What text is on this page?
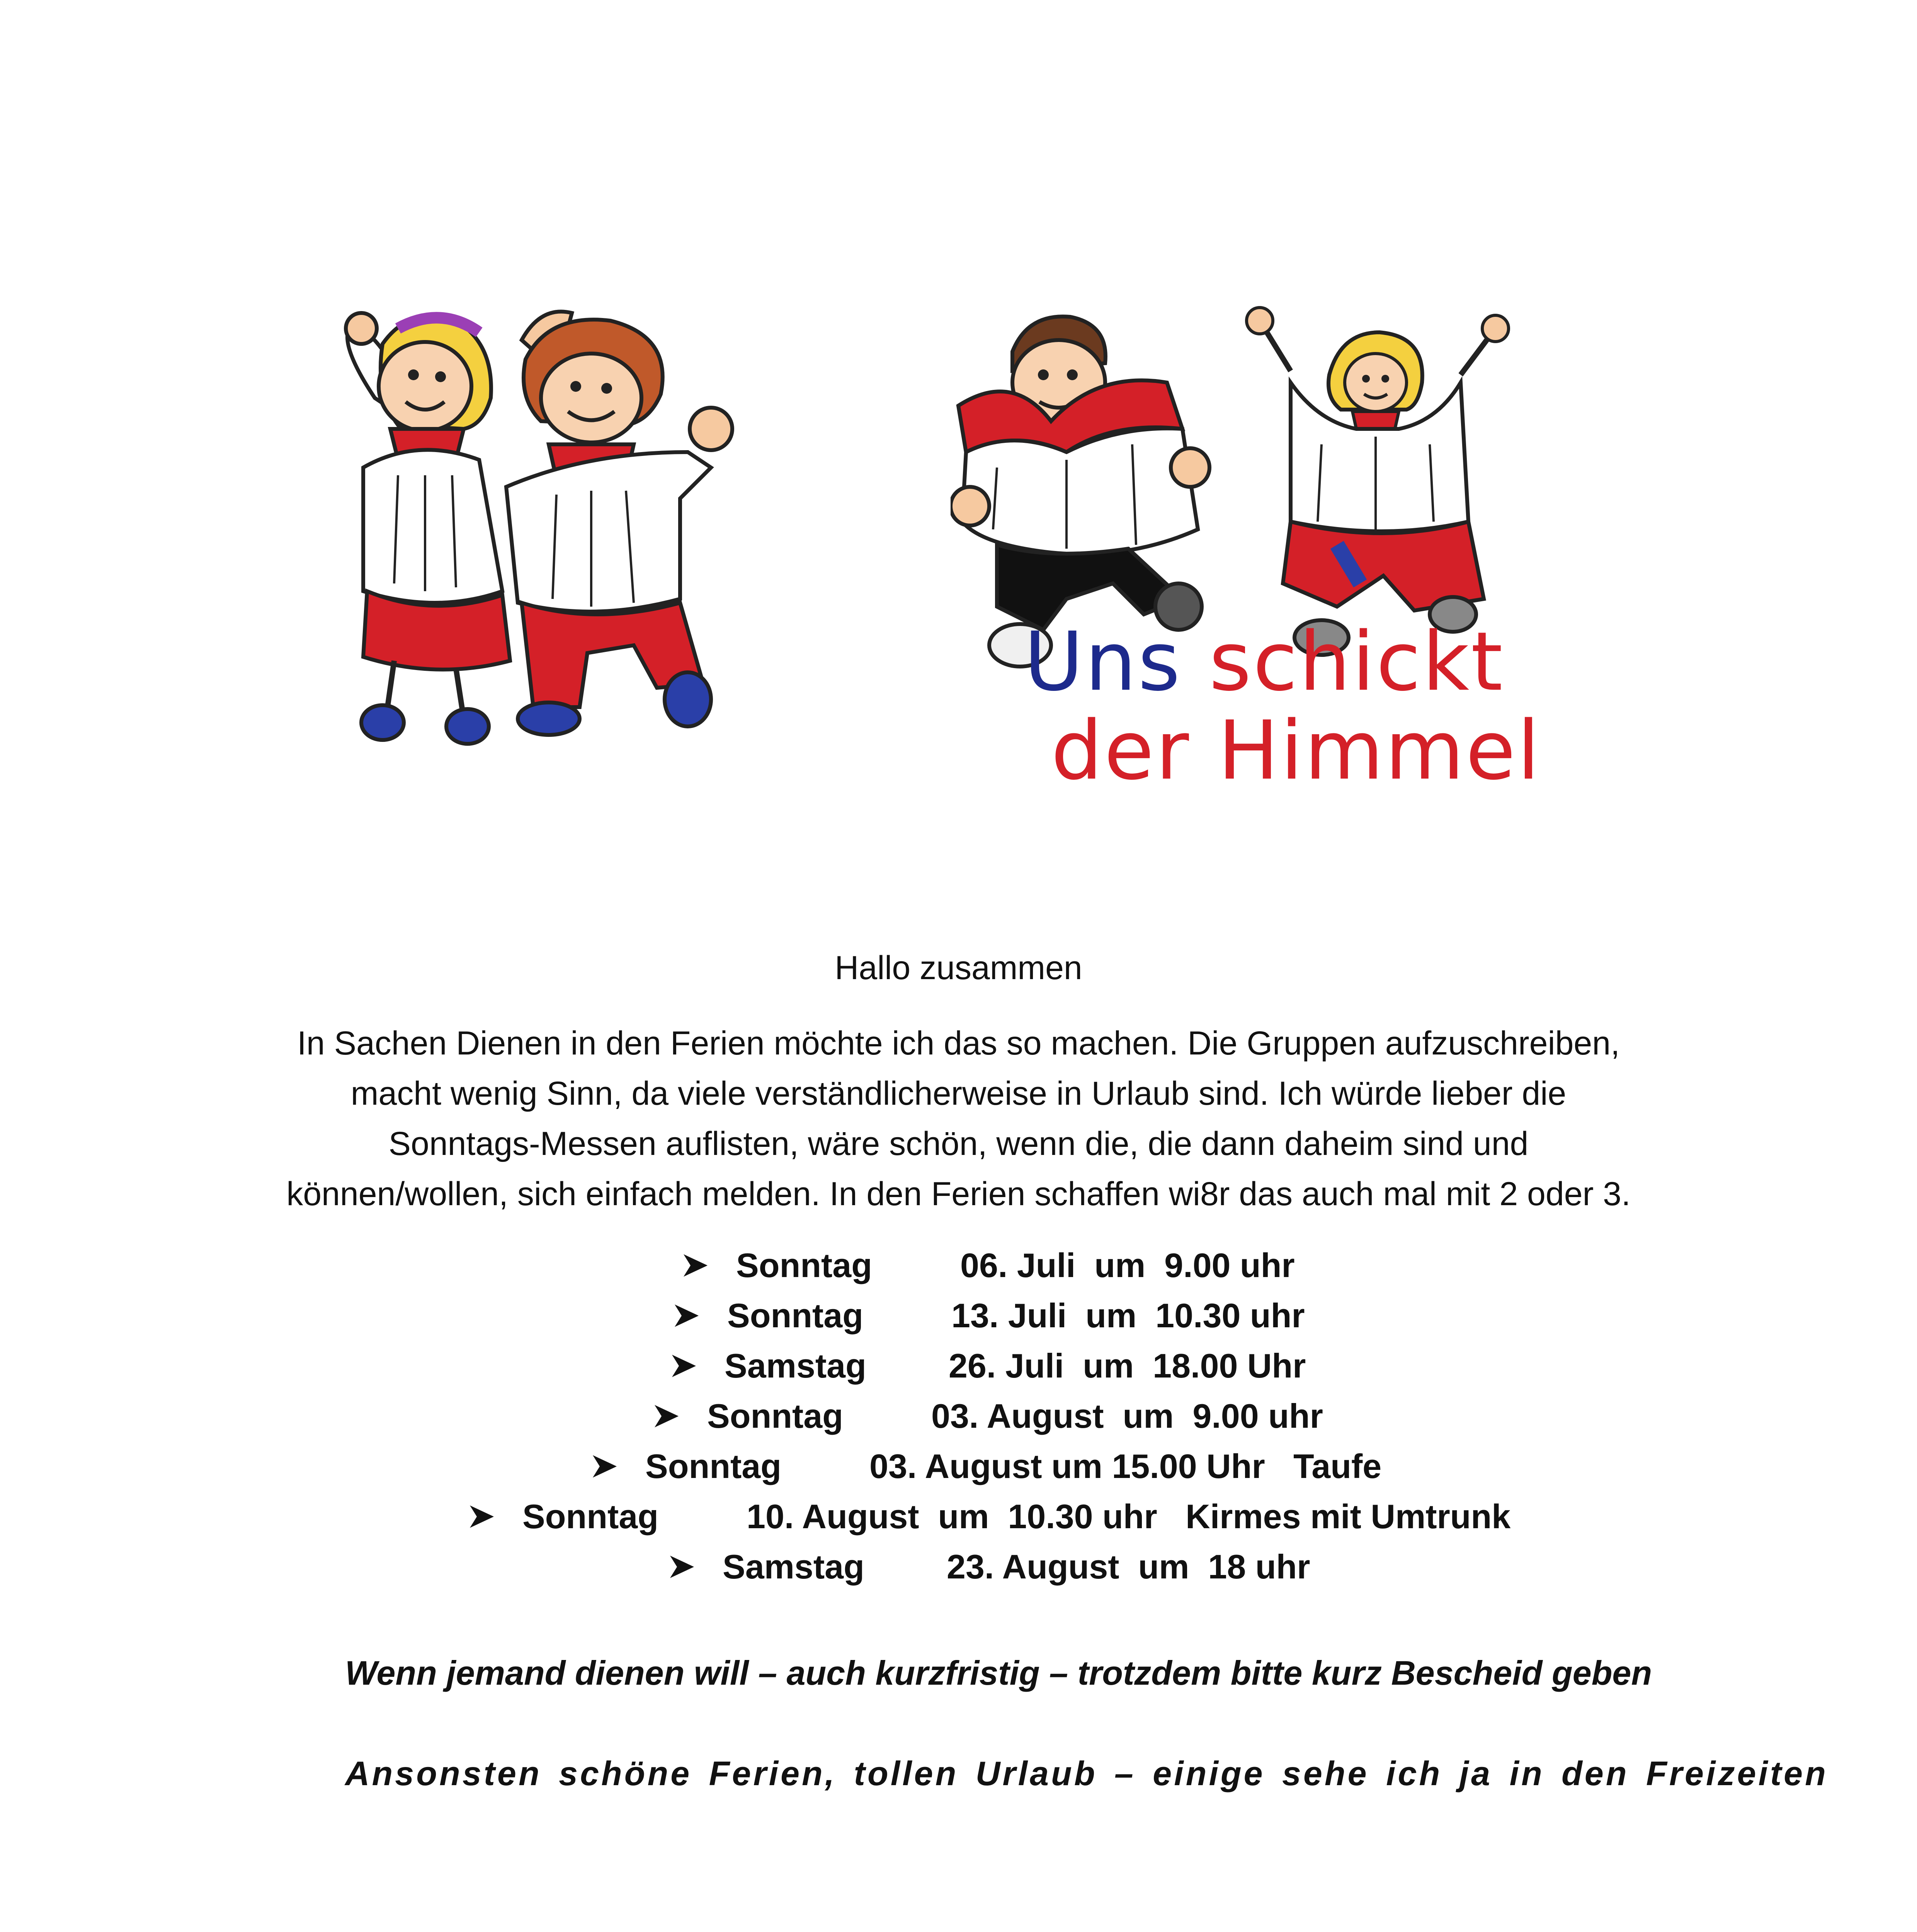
Uns schickt
der Himmel
Hallo zusammen
In Sachen Dienen in den Ferien möchte ich das so machen. Die Gruppen aufzuschreiben,
macht wenig Sinn, da viele verständlicherweise in Urlaub sind. Ich würde lieber die
Sonntags-Messen auflisten, wäre schön, wenn die, die dann daheim sind und
können/wollen, sich einfach melden. In den Ferien schaffen wi8r das auch mal mit 2 oder 3.
Sonntag	06. Juli  um  9.00 uhr
Sonntag	13. Juli  um  10.30 uhr
Samstag 26. Juli  um  18.00 Uhr
Sonntag	03. August  um  9.00 uhr
Sonntag	03. August um 15.00 Uhr   Taufe
Sonntag	10. August  um  10.30 uhr   Kirmes mit Umtrunk
Samstag 23. August  um  18 uhr
Wenn jemand dienen will – auch kurzfristig – trotzdem bitte kurz Bescheid geben
Ansonsten schöne Ferien, tollen Urlaub – einige sehe ich ja in den Freizeiten
